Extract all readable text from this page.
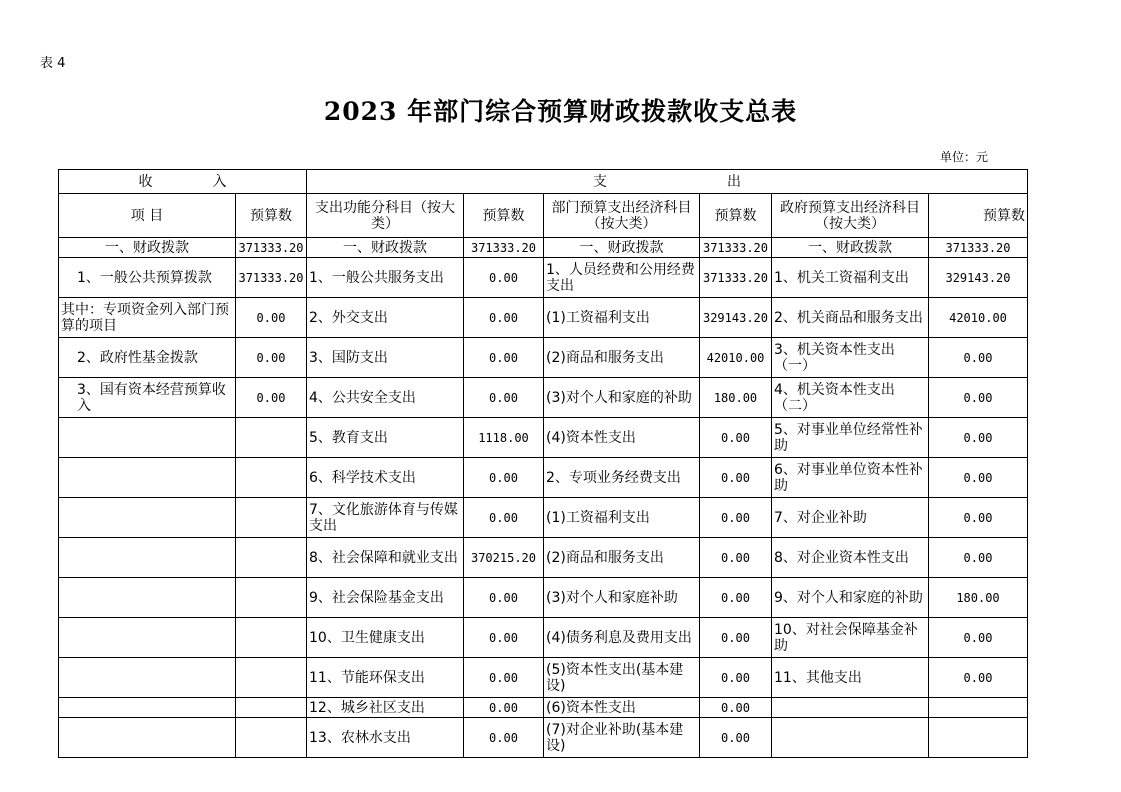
表 4
2023 年部门综合预算财政拨款收支总表
单位：元
收 入		支 出					
项 目	预算数	支出功能分科目（按大类）	预算数	部门预算支出经济科目（按大类）	预算数	政府预算支出经济科目（按大类）	预算数
一、财政拨款	371333.20	一、财政拨款	371333.20	一、财政拨款	371333.20	一、财政拨款	371333.20
1、一般公共预算拨款	371333.20	1、一般公共服务支出	0.00	1、人员经费和公用经费支出	371333.20	1、机关工资福利支出	329143.20
其中：专项资金列入部门预算的项目	0.00	2、外交支出	0.00	(1)工资福利支出	329143.20	2、机关商品和服务支出	42010.00
2、政府性基金拨款	0.00	3、国防支出	0.00	(2)商品和服务支出	42010.00	3、机关资本性支出（一）	0.00
3、国有资本经营预算收入	0.00	4、公共安全支出	0.00	(3)对个人和家庭的补助	180.00	4、机关资本性支出（二）	0.00
		5、教育支出	1118.00	(4)资本性支出	0.00	5、对事业单位经常性补助	0.00
		6、科学技术支出	0.00	2、专项业务经费支出	0.00	6、对事业单位资本性补助	0.00
		7、文化旅游体育与传媒支出	0.00	(1)工资福利支出	0.00	7、对企业补助	0.00
		8、社会保障和就业支出	370215.20	(2)商品和服务支出	0.00	8、对企业资本性支出	0.00
		9、社会保险基金支出	0.00	(3)对个人和家庭补助	0.00	9、对个人和家庭的补助	180.00
		10、卫生健康支出	0.00	(4)债务利息及费用支出	0.00	10、对社会保障基金补助	0.00
		11、节能环保支出	0.00	(5)资本性支出(基本建设)	0.00	11、其他支出	0.00
		12、城乡社区支出	0.00	(6)资本性支出	0.00		
		13、农林水支出	0.00	(7)对企业补助(基本建设)	0.00		
